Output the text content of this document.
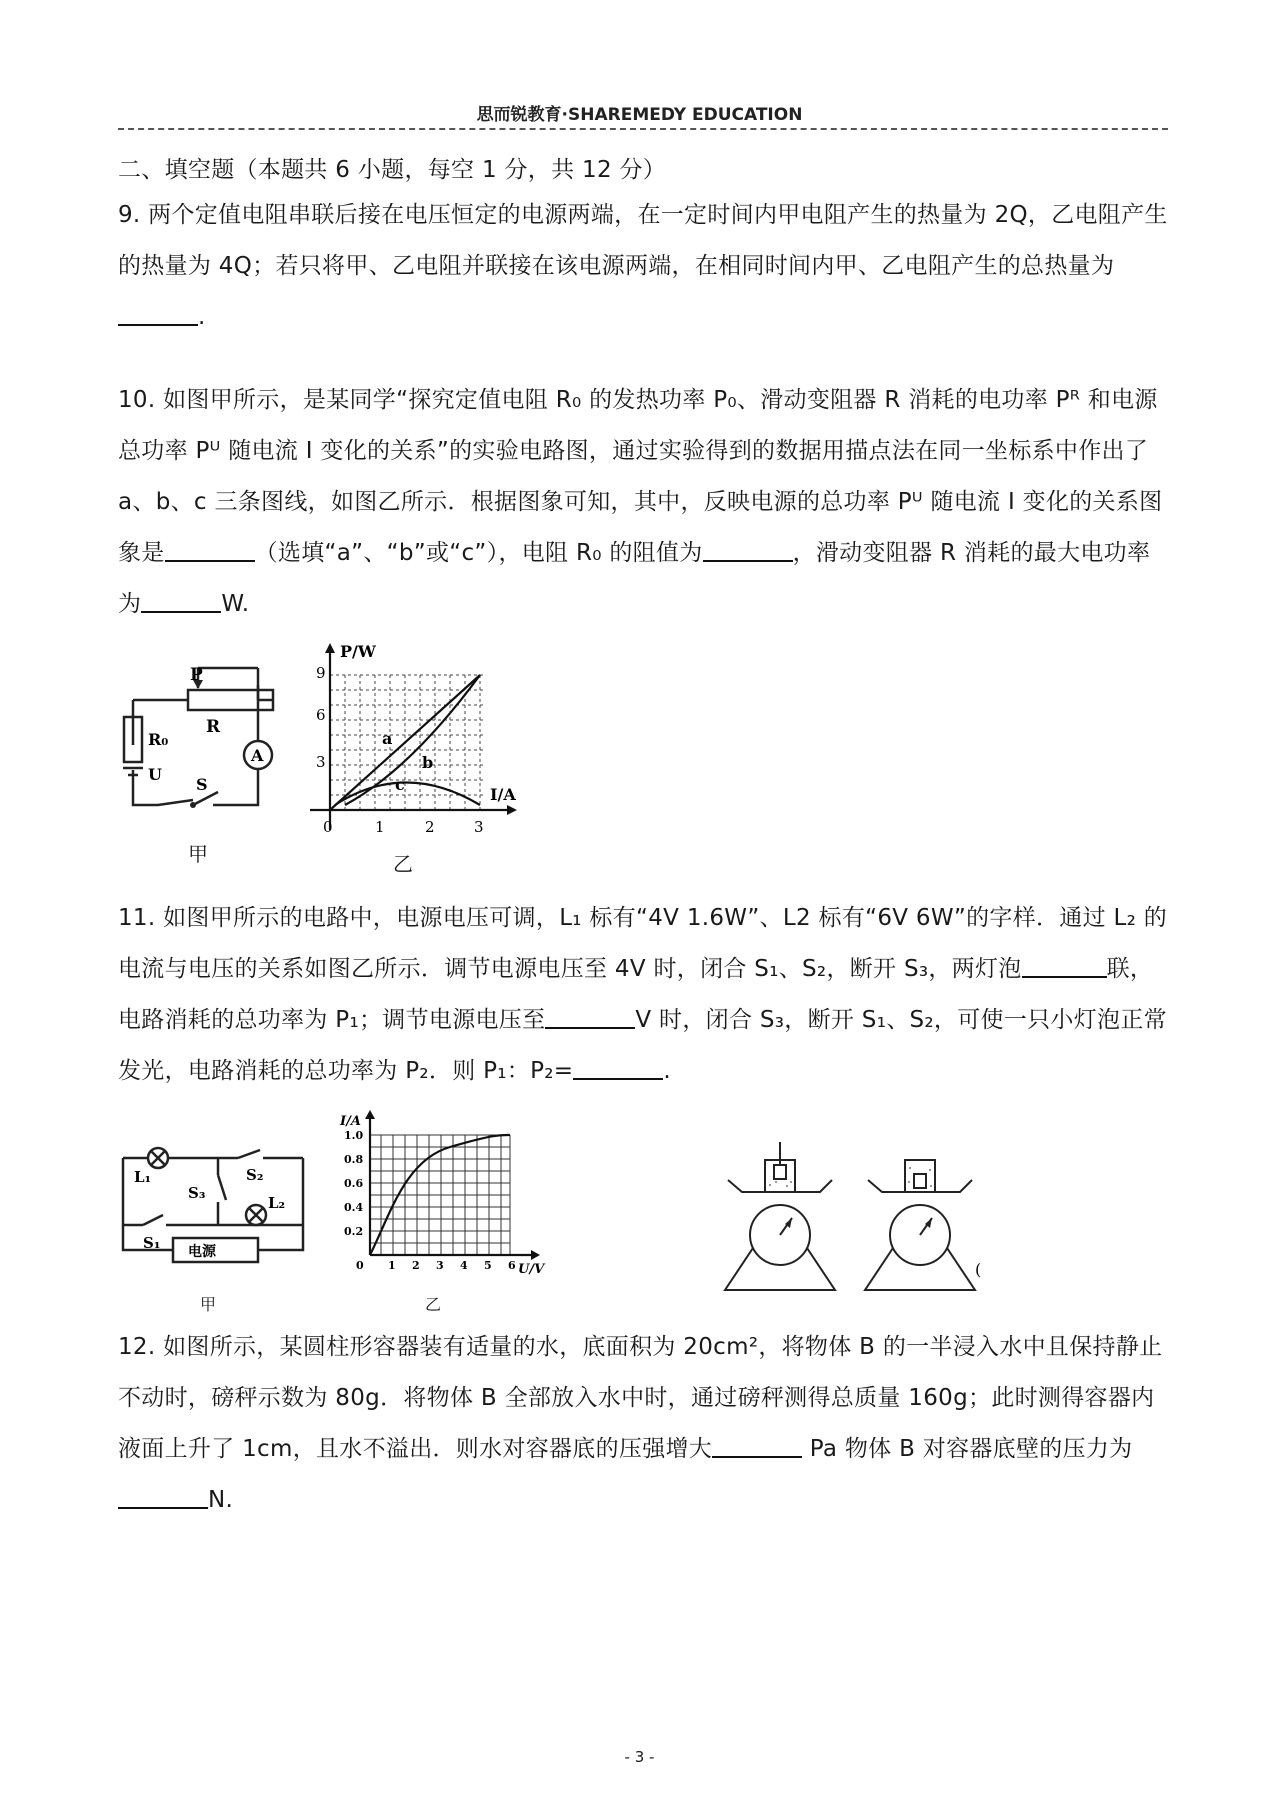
思而锐教育·SHAREMEDY EDUCATION
二、填空题（本题共 6 小题，每空 1 分，共 12 分）
9. 两个定值电阻串联后接在电压恒定的电源两端，在一定时间内甲电阻产生的热量为 2Q，乙电阻产生的热量为 4Q；若只将甲、乙电阻并联接在该电源两端，在相同时间内甲、乙电阻产生的总热量为.
10. 如图甲所示，是某同学“探究定值电阻 R₀ 的发热功率 P₀、滑动变阻器 R 消耗的电功率 Pᴿ 和电源总功率 Pᵁ 随电流 I 变化的关系”的实验电路图，通过实验得到的数据用描点法在同一坐标系中作出了 a、b、c 三条图线，如图乙所示．根据图象可知，其中，反映电源的总功率 Pᵁ 随电流 I 变化的关系图象是	（选填“a”、“b”或“c”），电阻 R₀ 的阻值为	，滑动变阻器 R 消耗的最大电功率为	W.
P
R
R₀
U
S
A
甲
P/W
I/A
9
6
3
0	1	2	3
a
b
c
乙
11. 如图甲所示的电路中，电源电压可调，L₁ 标有“4V 1.6W”、L2 标有“6V 6W”的字样．通过 L₂ 的电流与电压的关系如图乙所示．调节电源电压至 4V 时，闭合 S₁、S₂，断开 S₃，两灯泡	联，电路消耗的总功率为 P₁；调节电源电压至	V 时，闭合 S₃，断开 S₁、S₂，可使一只小灯泡正常发光，电路消耗的总功率为 P₂．则 P₁：P₂=	.
L₁
L₂
S₁
S₂
S₃
电源
甲
I/A
U/V
1.0
0.8
0.6
0.4
0.2
0 1 2 3 4 5 6
乙
(
12. 如图所示，某圆柱形容器装有适量的水，底面积为 20cm²，将物体 B 的一半浸入水中且保持静止不动时，磅秤示数为 80g．将物体 B 全部放入水中时，通过磅秤测得总质量 160g；此时测得容器内液面上升了 1cm，且水不溢出．则水对容器底的压强增大	Pa 物体 B 对容器底壁的压力为N.
- 3 -
